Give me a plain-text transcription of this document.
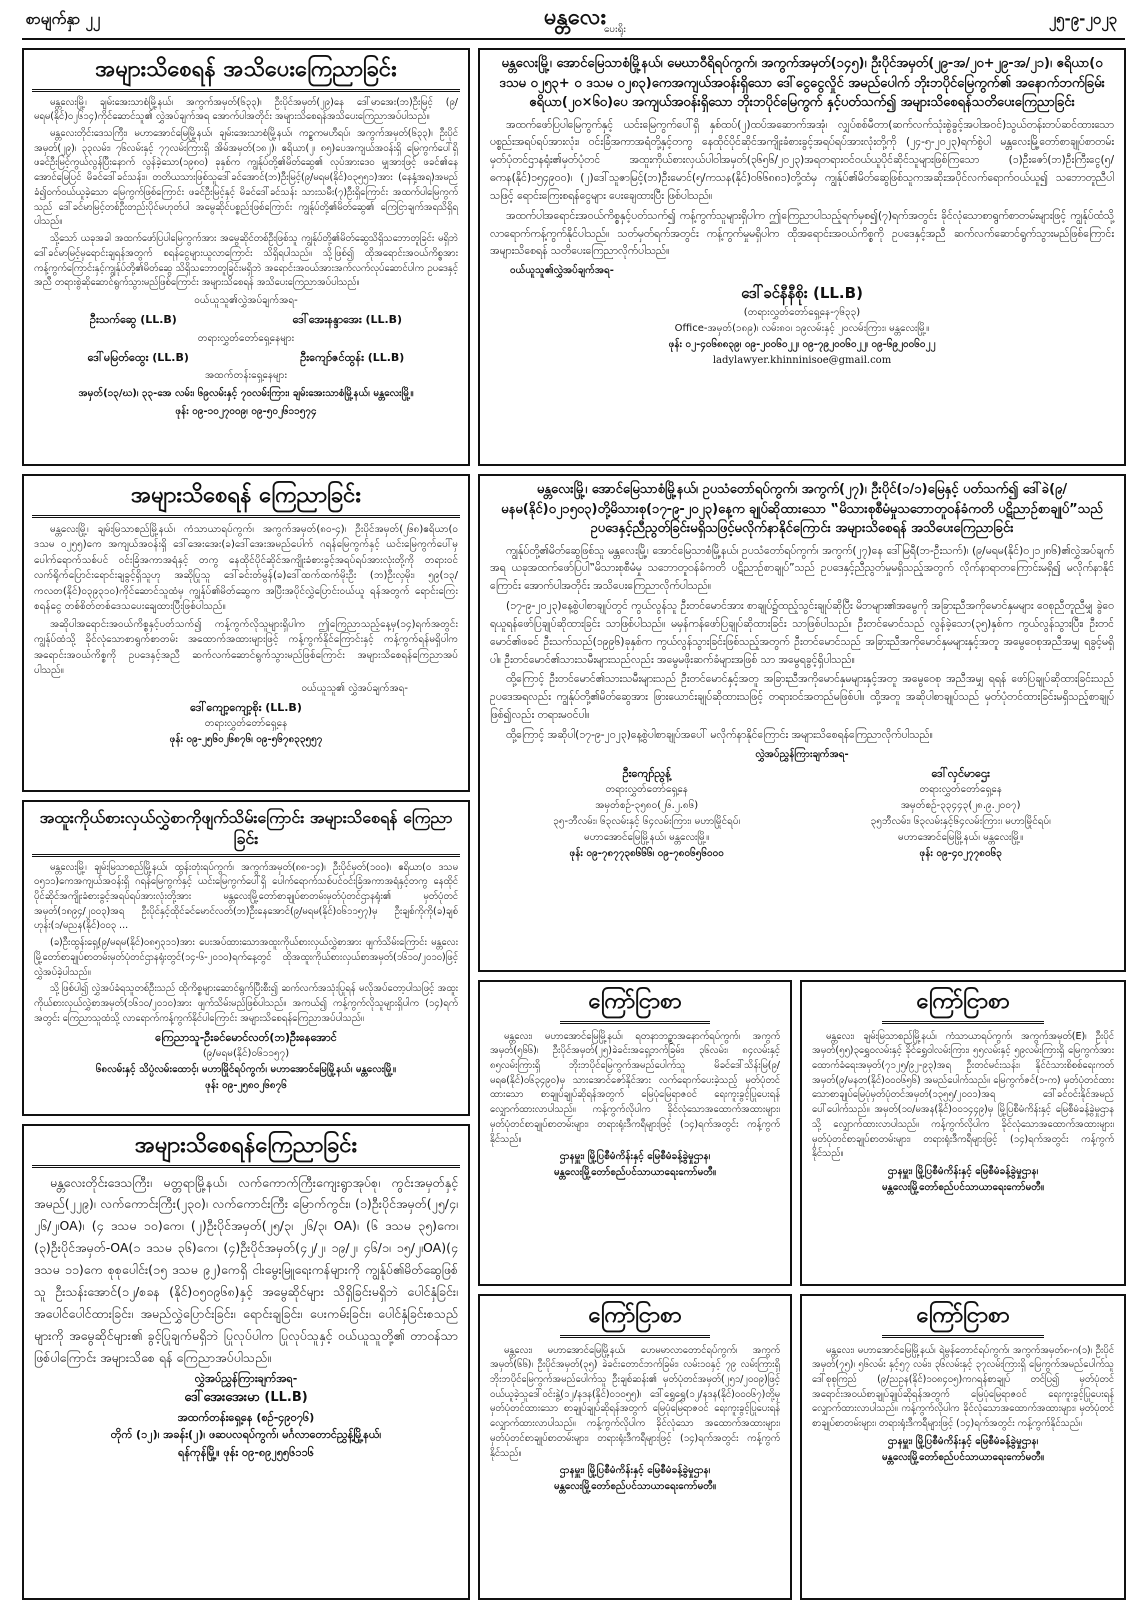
စာမျက်နှာ ၂၂	မန္တလေး
ပေးရိုး
၂၅-၉-၂၀၂၃
အများသိစေရန် အသိပေးကြေညာခြင်း

မန္တလေးမြို့၊ ချမ်းအေးသာစံမြို့နယ်၊ အကွက်အမှတ်(၆၃၃)၊ ဦးပိုင်အမှတ်(၂၉)နေ ဒေါ်မာအေး(ဘ)ဦးမြင့် (၉/မရမ(နိုင်)၀၂၆၁၄)ကိုင်ဆောင်သူ၏ လွှဲအပ်ချက်အရ အောက်ပါအတိုင်း အများသိစေရန်အသိပေးကြေညာအပ်ပါသည်။

မန္တလေးတိုင်းဒေသကြီး၊ မဟာအောင်မြေမြို့နယ်၊ ချမ်းအေးသာစံမြို့နယ်၊ ကဥ္စကမဟီရပ်၊ အကွက်အမှတ်(၆၃၃)၊ ဦးပိုင်အမှတ်(၂၉)၊ ၃၃လမ်း၊ ၇၆လမ်းနှင့် ၇၇လမ်းကြားရှိ အိမ်အမှတ်(၁၈၂)၊ ဧရိယာ(၂၊ ၈၅)ပေအကျယ်အဝန်းရှိ မြေကွက်ပေါ်ရှိ ဖခင်ဦးမြင့်ကွယ်လွန်ပြီးနောက် လွန်ခဲ့သော(၁၉၈၀) ခုနှစ်က ကျွန်ုပ်တို့၏မိတ်ဆွေ၏ လုပ်အားဒေဝ မျှအားဖြင့် ဖခင်၏နေအောင်မြေပြင် မိခင်ဒေါ်ခင်သန်း။ တတိယသားဖြစ်သူဒေါ်ခင်အောင်(ဘ)ဦးမြင့်(၉/မရမ(နိုင်)၀၃၅၅၁)အား (နေနှံ့အရ)အမည်ခံ၍ဝက်ဝယ်ယူခဲ့သော မြေကွက်ဖြစ်ကြောင်း ဖခင်ဦးမြင့်နှင့် မိခင်ဒေါ်ခင်သန်း သားသမီး(၇)ဦးရှိကြောင်း အထက်ပါမြေကွက်သည် ဒေါ်ခင်မာမြင့်တစ်ဦးတည်းပိုင်မဟုတ်ပါ အမွေဆိုင်ပစ္စည်းဖြစ်ကြောင်း ကျွန်ုပ်တို့၏မိတ်ဆွေ၏ ကြေငြာချက်အရသိရှိရပါသည်။

သို့သော် ယခုအခါ အထက်ဖော်ပြပါမြေကွက်အား အမွေဆိုင်တစ်ဦးဖြစ်သူ ကျွန်ုပ်တို့၏မိတ်ဆွေသိရှိသဘောတူခြင်း မရှိဘဲ ဒေါ်ခင်မာမြင့်မှရောင်းချရန်အတွက် စရန်ငွေများယူလာကြောင်း သိရှိရပါသည်။ သို့ဖြစ်၍ ထိုအရောင်းအဝယ်ကိစ္စအား ကန့်ကွက်ကြောင်းနှင့်ကျွန်ုပ်တို့၏မိတ်ဆွေ သိရှိသဘောတူခြင်းမရှိဘဲ အရောင်းအဝယ်အားအက်လက်လုပ်ဆောင်ပါက ဥပဒေနှင့်အညီ တရားစွဲဆိုဆောင်ရွက်သွားမည်ဖြစ်ကြောင်း အများသိစေရန် အသိပေးကြေညာအပ်ပါသည်။

ဝယ်ယူသူ၏လွှဲအပ်ချက်အရ-
ဦးသက်ဆွေ (LL.B)	ဒေါ်အေးနန္ဒာအေး (LL.B)
တရားလွှတ်တော်ရှေ့နေများ
ဒေါ်မမြတ်ထွေး (LL.B)	ဦးကျော်ဇင်ထွန်း (LL.B)
အထက်တန်းရှေ့နေများ
အမှတ်(၁၃/ဃ)၊ ၃၃-အေ လမ်း၊ ၆၉လမ်းနှင့် ၇၀လမ်းကြား၊ ချမ်းအေးသာစံမြို့နယ်၊ မန္တလေးမြို့။
ဖုန်း ၀၉-၁၀၂၇၀၀၉၊ ၀၉-၅၀၂၆၁၁၅၇၄
မန္တလေးမြို့၊ အောင်မြေသာစံမြို့နယ်၊ မေဃာဝီရိရပ်ကွက်၊ အကွက်အမှတ်(၁၄၅)၊ ဦးပိုင်အမှတ်(၂၉-အ/၂၀+၂၉-အ/၂၁)၊ ဧရိယာ(၀ ဒသမ ၀၂၅၃+ ၀ ဒသမ ၀၂၈၃)ကေအကျယ်အဝန်းရှိသော ဒေါ်ငွေငွေလှိုင် အမည်ပေါက် ဘိုးဘပိုင်မြေကွက်၏ အနောက်ဘက်ခြမ်းဧရိယာ(၂၀×၆၀)ပေ အကျယ်အဝန်းရှိသော ဘိုးဘပိုင်မြေကွက် နှင့်ပတ်သက်၍ အများသိစေရန်သတိပေးကြေညာခြင်း

အထက်ဖော်ပြပါမြေကွက်နှင့် ယင်းမြေကွက်ပေါ်ရှိ နှစ်ထပ်(၂)ထပ်အဆောက်အအုံ၊ လျှပ်စစ်မီတာ(ဆက်လက်သုံးစွဲခွင့်အပါအဝင်)သွယ်တန်းတပ်ဆင်ထားသောပစ္စည်းအရပ်ရပ်အားလုံး၊ ဝင်းခြံအကာအရံတို့နှင့်တကွ နေထိုင်ပိုင်ဆိုင်အကျိုးခံစားခွင့်အရပ်ရပ်အားလုံးတို့ကို (၂၄-၅-၂၀၂၃)ရက်စွဲပါ မန္တလေးမြို့တော်စာချုပ်စာတမ်း မှတ်ပုံတင်ဌာနရုံး၏မှတ်ပုံတင် အထူးကိုယ်စားလှယ်ပါဝါအမှတ်(၃၆၅၆/၂၀၂၃)အရတရားဝင်ဝယ်ယူပိုင်ဆိုင်သူများဖြစ်ကြသော (၁)ဦးဇော်(ဘ)ဦးကြီးငွေ(၅/ဓကန(နိုင်)၁၅၄၉၀၀)၊ (၂)ဒေါ်သူဇာမြင့်(ဘ)ဦးမောင်(၅/ကသန(နိုင်)၀၆၆၈၈၁)တို့ထံမှ ကျွန်ုပ်၏မိတ်ဆွေဖြစ်သူကအဆိုးအပိုင်လက်ရောက်ဝယ်ယူ၍ သဘောတူညီပါသဖြင့် ရောင်းကြေးစရန်ငွေများ ပေးချေထားပြီး ဖြစ်ပါသည်။

အထက်ပါအရောင်းအဝယ်ကိစ္စနှင့်ပတ်သက်၍ ကန့်ကွက်သူများရှိပါက ဤကြေညာပါသည့်ရက်မှစ၍(၇)ရက်အတွင်း ခိုင်လုံသောစာရွက်စာတမ်းများဖြင့် ကျွန်ုပ်ထံသို့လာရောက်ကန့်ကွက်နိုင်ပါသည်။ သတ်မှတ်ရက်အတွင်း ကန့်ကွက်မှုမရှိပါက ထိုအရောင်းအဝယ်ကိစ္စကို ဥပဒေနှင့်အညီ ဆက်လက်ဆောင်ရွက်သွားမည်ဖြစ်ကြောင်း အများသိစေရန် သတိပေးကြေညာလိုက်ပါသည်။

ဝယ်ယူသူ၏လွှဲအပ်ချက်အရ-
ဒေါ်ခင်နီနီစိုး (LL.B)
(တရားလွှတ်တော်ရှေ့နေ-၇၆၃၃)
Office-အမှတ်(၁၈၉)၊ လမ်း၈၀၊ ၁၉လမ်းနှင့် ၂၀လမ်းကြား၊ မန္တလေးမြို့။
ဖုန်း ၀၂-၄၀၆၈၈၃၉၊ ၀၉-၂၀၀၆၀၂၂၊ ၀၉-၇၉၂၀၀၆၀၂၂၊ ၀၉-၆၉၂၀၀၆၀၂၂
ladylawyer.khinninisoe@gmail.com
အများသိစေရန် ကြေညာခြင်း

မန္တလေးမြို့၊ ချမ်းမြသာစည်မြို့နယ်၊ ကံသာယာရပ်ကွက်၊ အကွက်အမှတ်(၈၀-၄)၊ ဦးပိုင်အမှတ်(၂၆၈)ဧရိယာ(၀ ဒသမ ၀၂၅၅)ကေ အကျယ်အဝန်းရှိ ဒေါ်အေးအေး(ခ)ဒေါ်အေးအမည်ပေါက် ဂရန်မြေကွက်နှင့် ယင်းမြေကွက်ပေါ်မှ ပေါက်ရောက်သစ်ပင် ဝင်းခြံအကာအရံနှင့် တကွ နေထိုင်ပိုင်ဆိုင်အကျိုးခံစားခွင့်အရပ်ရပ်အားလုံးတို့ကို တရားဝင်လက်ရိုက်ပြောင်းရောင်းချခွင့်ရှိသူဟု အဆိုပြုသူ ဒေါ်ခင်းတ်မွန်(ခ)ဒေါ်ထက်ထက်မိုးဦး (ဘ)ဦးလှမိုး၊ ၅၉(၁၃/ကလတ(နိုင်)၀၃၉၃၁၀)ကိုင်ဆောင်သူထံမှ ကျွန်ုပ်၏မိတ်ဆွေက အပြီးအပိုင်လွှဲပြောင်းဝယ်ယူ ရန်အတွက် ရောင်းကြေးစရန်ငွေ တစ်စိတ်တစ်ဒေသပေးချေထားပြီးဖြစ်ပါသည်။

အဆိုပါအရောင်းအဝယ်ကိစ္စနှင့်ပတ်သက်၍ ကန့်ကွက်လိုသူများရှိပါက ဤကြေညာသည့်နေ့မှ(၁၄)ရက်အတွင်း ကျွန်ုပ်ထံသို့ ခိုင်လုံသောစာရွက်စာတမ်း အထောက်အထားများဖြင့် ကန့်ကွက်နိုင်ကြောင်းနှင့် ကန့်ကွက်ရန်မရှိပါက အရောင်းအဝယ်ကိစ္စကို ဥပဒေနှင့်အညီ ဆက်လက်ဆောင်ရွက်သွားမည်ဖြစ်ကြောင်း အများသိစေရန်ကြေညာအပ်ပါသည်။

ဝယ်ယူသူ၏ လွှဲအပ်ချက်အရ-
ဒေါ်ကျော့ကျော့စိုး (LL.B)
တရားလွှတ်တော်ရှေ့နေ
ဖုန်း ၀၉-၂၅၆၀၂၆၈၇၆၊ ၀၉-၅၆၇၈၃၃၅၅၇
မန္တလေးမြို့၊ အောင်မြေသာစံမြို့နယ်၊ ဥပသံတော်ရပ်ကွက်၊ အကွက်(၂၇)၊ ဦးပိုင်(၁/၁)မြေနှင့် ပတ်သက်၍ ဒေါ်ခဲ(၉/မနမ(နိုင်)၀၂၁၅၀၃)တို့မိသားစု(၁၇-၉-၂၀၂၃)နေ့က ချုပ်ဆိုထားသော ‟မိသားစုစီမံမှုသဘောတူဝန်ခံကတိ ပဋိညာဉ်စာချုပ်”သည် ဥပဒေနှင့်ညီညွတ်ခြင်းမရှိသဖြင့်မလိုက်နာနိုင်ကြောင်း အများသိစေရန် အသိပေးကြေညာခြင်း

ကျွန်ုပ်တို့၏မိတ်ဆွေဖြစ်သူ မန္တလေးမြို့၊ အောင်မြေသာစံမြို့နယ်၊ ဥပသံတော်ရပ်ကွက်၊ အကွက်(၂၇)နေ ဒေါ်မြရီ(ဘ-ဦးသက်)၊ (၉/မရမ(နိုင်)၀၂၁၂၈၆)၏လွှဲအပ်ချက်အရ ယခုအထက်ဖော်ပြပါ‟မိသားစုစီမံမှု သဘောတူဝန်ခံကတိ ပဋိညာဉ်စာချုပ်”သည် ဥပဒေနှင့်ညီညွတ်မှုမရှိသည့်အတွက် လိုက်နာရာတကြောင်းမရှိ၍ မလိုက်နာနိုင်ကြောင်း အောက်ပါအတိုင်း အသိပေးကြေညာလိုက်ပါသည်။

(၁၇-၉-၂၀၂၃)နေ့စွဲပါစာချုပ်တွင် ကွယ်လွန်သူ ဦးတင်မောင်အား စာချုပ်၌ထည့်သွင်းချုပ်ဆိုပြီး မိဘများ၏အမွေကို အခြားညီအကိုမောင်နှမများ ဝေစုညီတူညီမျှ ခွဲဝေရယူရန်ဖော်ပြချုပ်ဆိုထားခြင်း သာဖြစ်ပါသည်။ မမှန်ကန်ဖော်ပြချုပ်ဆိုထားခြင်း သာဖြစ်ပါသည်။ ဦးတင်မောင်သည် လွန်ခဲ့သော(၃၅)နှစ်က ကွယ်လွန်သွားပြီး၊ ဦးတင်မောင်၏ဖခင် ဦးသက်သည်(၁၉၉၆)ခုနှစ်က ကွယ်လွန်သွားခြင်းဖြစ်သည့်အတွက် ဦးတင်မောင်သည် အခြားညီအကိုမောင်နှမများနှင့်အတူ အမွေဝေစုအညီအမျှ ရခွင့်မရှိပါ။ ဦးတင်မောင်၏သားသမီးများသည်လည်း အမွေမဖိုးဆက်ခံများအဖြစ် သာ အမွေရခွင့်ရှိပါသည်။

ထို့ကြောင့် ဦးတင်မောင်၏သားသမီးများသည် ဦးတင်မောင်နှင့်အတူ အခြားညီအကိုမောင်နှမများနှင့်အတူ အမွေဝေစု အညီအမျှ ရရန် ဖော်ပြချုပ်ဆိုထားခြင်းသည် ဥပဒေအရလည်း ကျွန်ုပ်တို့၏မိတ်ဆွေအား ဖြားယောင်းချုပ်ဆိုထားသဖြင့် တရားဝင်အတည်မဖြစ်ပါ။ ထို့အတူ အဆိုပါစာချုပ်သည် မှတ်ပုံတင်ထားခြင်းမရှိသည့်စာချုပ်ဖြစ်၍လည်း တရားမဝင်ပါ။

ထို့ကြောင့် အဆိုပါ(၁၇-၉-၂၀၂၃)နေ့စွဲပါစာချုပ်အပေါ် မလိုက်နာနိုင်ကြောင်း အများသိစေရန်ကြေညာလိုက်ပါသည်။

လွှဲအပ်ညွှန်ကြားချက်အရ-
ဦးကျော်ညွန့်
တရားလွှတ်တော်ရှေ့နေ
အမှတ်စဉ်-၃၅၈၀(၂၆.၂.၈၆)
၃၅-ဘီလမ်း၊ ၆၃လမ်းနှင့် ၆၄လမ်းကြား၊ မဟာမြိုင်ရပ်၊
မဟာအောင်မြေမြို့နယ်၊ မန္တလေးမြို့။
ဖုန်း ၀၉-၇၈၇၇၃၈၆၆၆၊ ၀၉-၇၈၀၆၅၆၀၀၀
ဒေါ်လှင်မာဌေး
တရားလွှတ်တော်ရှေ့နေ
အမှတ်စဉ်-၃၃၄၄၃(၂၈.၉.၂၀၀၇)
၃၅ဘီလမ်း၊ ၆၃လမ်းနှင့်၆၄လမ်းကြား၊ မဟာမြိုင်ရပ်၊
မဟာအောင်မြေမြို့နယ်၊ မန္တလေးမြို့။
ဖုန်း ၀၉-၄၀၂၇၇၈၀၆၃
အထူးကိုယ်စားလှယ်လွှဲစာကိုဖျက်သိမ်းကြောင်း အများသိစေရန် ကြေညာခြင်း

မန္တလေးမြို့၊ ချမ်းမြသာစည်မြို့နယ်၊ ထွန်းတုံးရပ်ကွက်၊ အကွက်အမှတ်(၈၈-၁၄)၊ ဦးပိုင်မှတ်(၁၀၀)၊ ဧရိယာ(၀ ဒသမ ၀၅၁၁)ကေအကျယ်အဝန်းရှိ ဂရန်မြေကွက်နှင့် ယင်းမြေကွက်ပေါ်ရှိ ပေါက်ရောက်သစ်ပင်ဝင်းခြံအကာအရံနှင့်တကွ နေထိုင်ပိုင်ဆိုင်အကျိုးခံစားခွင့်အရပ်ရပ်အားလုံးတို့အား မန္တလေးမြို့တော်စာချုပ်စာတမ်းမှတ်ပုံတင်ဌာနရုံး၏ မှတ်ပုံတင်အမှတ်(၁၈၉၄/၂၀၀၃)အရ ဦးပိုင်နှင့်ထိုင်ခင်မောင်လတ်(ဘ)ဦးနေအောင်(၉/မရမ(နိုင်)၀၆၁၁၅၇)မှ ဦးချစ်ကိုကို(ခ)ချစ်ဟုန်း(၁/မညန(နိုင်)၀၀၃ ...

(ခ)ဦးထွန်းရှေ့(၉/မရမ(နိုင်)၀၈၅၃၁၁)အား ပေးအပ်ထားသောအထူးကိုယ်စားလှယ်လွှဲစာအား ဖျက်သိမ်းကြောင်း မန္တလေးမြို့တော်စာချုပ်စာတမ်းမှတ်ပုံတင်ဌာနရုံးတွင်(၁၄-၆-၂၀၁၀)ရက်နေ့တွင် ထိုအထူးကိုယ်စားလှယ်စာအမှတ်(၁၆၁၀/၂၀၁၀)ဖြင့်လွှဲအပ်ခဲ့ပါသည်။

သို့ဖြစ်ပါ၍ လွှဲအပ်ခံရသူတစ်ဦးသည် ထိုကိစ္စများဆောင်ရွက်ပြီးစီး၍ ဆက်လက်အသုံးပြုရန် မလိုအပ်တော့ပါသဖြင့် အထူးကိုယ်စားလှယ်လွှဲစာအမှတ်(၁၆၁၀/၂၀၁၀)အား ဖျက်သိမ်းမည်ဖြစ်ပါသည်။ အကယ်၍ ကန့်ကွက်လိုသူများရှိပါက (၁၄)ရက်အတွင်း ကြေညာသူထံသို့ လာရောက်ကန့်ကွက်နိုင်ပါကြောင်း အများသိစေရန်ကြေညာအပ်ပါသည်။

ကြေညာသူ-ဦးခင်မောင်လတ်(ဘ)ဦးနေအောင်
(၉/မရမ(နိုင်)၀၆၁၁၅၇)
၆၈လမ်းနှင့် သိပ္ပံလမ်းထောင့်၊ မဟာမြိုင်ရပ်ကွက်၊ မဟာအောင်မြေမြို့နယ်၊ မန္တလေးမြို့။
ဖုန်း ၀၉-၂၅၈၀၂၆၈၇၆
အများသိစေရန်ကြေညာခြင်း

မန္တလေးတိုင်းဒေသကြီး၊ မတ္တရာမြို့နယ်၊ လက်ကောက်ကြီးကျေးရွာအုပ်စု၊ ကွင်းအမှတ်နှင့် အမည်(၂၂၉)၊ လက်ကောင်းကြီး(၂၃၀)၊ လက်ကောင်းကြီး မြောက်ကွင်း၊ (၁)ဦးပိုင်အမှတ်(၂၅/၄၊ ၂၆/၂၊OA)၊ (၄ ဒသမ ၁၀)ကေ၊ (၂)ဦးပိုင်အမှတ်(၂၅/၃၊ ၂၆/၃၊ OA)၊ (၆ ဒသမ ၃၅)ကေ၊ (၃)ဦးပိုင်အမှတ်-OA(၁ ဒသမ ၃၆)ကေ၊ (၄)ဦးပိုင်အမှတ်(၄၂/၂၊ ၁၉/၂၊ ၄၆/၁၊ ၁၅/၂၊OA)(၄ ဒသမ ၁၁)ကေ စုစုပေါင်း(၁၅ ဒသမ ၉၂)ကေရှိ ငါးမွေးမြူရေးကန်များကို ကျွန်ုပ်၏မိတ်ဆွေဖြစ်သူ ဦးသန်းအောင်(၁၂/စခန (နိုင်)၀၅၀၉၆၈)နှင့် အမွေဆိုင်များ သိရှိခြင်းမရှိဘဲ ပေါင်နှံခြင်း၊ အပေါင်ပေါင်ထားခြင်း၊ အမည်လွှဲပြောင်းခြင်း၊ ရောင်းချခြင်း၊ ပေးကမ်းခြင်း၊ ပေါင်နှံခြင်းစသည်များကို အမွေဆိုင်များ၏ ခွင့်ပြုချက်မရှိဘဲ ပြုလုပ်ပါက ပြုလုပ်သူနှင့် ဝယ်ယူသူတို့၏ တာဝန်သာဖြစ်ပါကြောင်း အများသိစေ ရန် ကြေညာအပ်ပါသည်။

လွှဲအပ်ညွှန်ကြားချက်အရ-
ဒေါ်အေးအေးမာ (LL.B)
အထက်တန်းရှေ့နေ (စဉ်-၄၉၀၇၆)
တိုက် (၁၂)၊ အခန်း(၂)၊ ဖဆပလရပ်ကွက်၊ မင်္ဂလာတောင်ညွှန့်မြို့နယ်၊
ရန်ကုန်မြို့။ ဖုန်း ၀၉-၈၉၂၅၅၆၁၁၆
ကြော်ငြာစာ
မန္တလေး၊ မဟာအောင်မြေမြို့နယ်၊ ရတနာဘဥ္စာအနောက်ရပ်ကွက်၊ အကွက်အမှတ်(၅၆၆)၊ ဦးပိုင်အမှတ်(၂၅)ခဲခင်းအရှေ့ဘက်ခြမ်း၊ ၃၆လမ်း၊ ၈၄လမ်းနှင့် ၈၅လမ်းကြားရှိ ဘိုးဘပိုင်မြေကွက်အမည်ပေါက်သူ မိခင်ဒေါ်သိန်းမြ(၉/မရဓ(နိုင်)၀၆၃၄၉၀)မှ သားအောင်ဇော်နိုင်အား လက်ရောက်ပေးခဲ့သည့် မှတ်ပုံတင်ထားသော စာချုပ်ချုပ်ဆိုရန်အတွက် မြေပုံမြေရာဇဝင် ရေးကူးခွင့်ပြုပေးရန် လျှောက်ထားလာပါသည်။ ကန့်ကွက်လိုပါက ခိုင်လုံသောအထောက်အထားများ၊ မှတ်ပုံတင်စာချုပ်စာတမ်းများ၊ တရားရုံးဒီကရီများဖြင့် (၁၄)ရက်အတွင်း ကန့်ကွက်နိုင်သည်။
ဌာနမှူး၊ မြို့ပြစီမံကိန်းနှင့် မြေစီမံခန့်ခွဲမှုဌာန၊
မန္တလေးမြို့တော်စည်ပင်သာယာရေးကော်မတီ။
ကြော်ငြာစာ
မန္တလေး၊ ချမ်းမြသာစည်မြို့နယ်၊ ကံသာယာရပ်ကွက်၊ အကွက်အမှတ်(E)၊ ဦးပိုင်အမှတ်(၅၅)၃ရွှေ၀လမ်းနှင့် ခိုင်ရွှေဝါလမ်းကြား၊ ၅၅လမ်းနှင့် ၅၉လမ်းကြားရှိ မြေကွက်အား ထောက်ခံရေးအမှတ်(၇၁၂၅/၉၂-၉၃)အရ ဦးတင်မင်းသန်း၊ နိုင်ငံသားစိစစ်ရေးကတ်အမှတ်(၉/မနတ(နိုင်)၀၀၀၆၅၆) အမည်ပေါက်သည်။ မြေကွက်ဇင်(၁-က) မှတ်ပုံတင်ထားသောစာချုပ်မြေပုံမှတ်ပုံတင်အမှတ်(၁၃၅၅/၂၀၀၁)အရ ဒေါ်ခင်ဝင်းနိုင်အမည်ပေါ်ပေါက်သည်။ အမှတ်(၁၀/မအန(နိုင်)၀၀၁၄၄၉)မှ မြို့ပြစီမံကိန်းနှင့် မြေစီမံခန့်ခွဲမှုဌာန သို့ လျှောက်ထားလာပါသည်။ ကန့်ကွက်လိုပါက ခိုင်လုံသောအထောက်အထားများ၊ မှတ်ပုံတင်စာချုပ်စာတမ်းများ၊ တရားရုံးဒီကရီများဖြင့် (၁၄)ရက်အတွင်း ကန့်ကွက်နိုင်သည်။
ဌာနမှူး၊ မြို့ပြစီမံကိန်းနှင့် မြေစီမံခန့်ခွဲမှုဌာန၊
မန္တလေးမြို့တော်စည်ပင်သာယာရေးကော်မတီ။
ကြော်ငြာစာ
မန္တလေး၊ မဟာအောင်မြေမြို့နယ်၊ ဟေမမာလာတောင်ရပ်ကွက်၊ အကွက်အမှတ်(၆၆)၊ ဦးပိုင်အမှတ်(၃၅) ခဲခင်းတောင်ဘက်ခြမ်း၊ လမ်း၁၀နှင့် ၇၉ လမ်းကြားရှိ ဘိုးဘပိုင်မြေကွက်အမည်ပေါက်သူ ဦးချစ်ဆန်း၏ မှတ်ပုံတင်အမှတ်(၂၅၁/၂၀၀၉)ဖြင့်ဝယ်ယူခဲ့သူဒေါ်ဝင်းနွဲ့(၁၂/နဒန(နိုင်)၀၁၀၅၅)၊ ဒေါ်ရွှေရွှေ(၁၂/နဒန(နိုင်)၀၀၀၆၇)တို့မှ မှတ်ပုံတင်ထားသော စာချုပ်ချုပ်ဆိုရန်အတွက် မြေပုံမြေရာဇဝင် ရေးကူးခွင့်ပြုပေးရန် လျှောက်ထားလာပါသည်။ ကန့်ကွက်လိုပါက ခိုင်လုံသော အထောက်အထားများ၊ မှတ်ပုံတင်စာချုပ်စာတမ်းများ၊ တရားရုံးဒီကရီများဖြင့် (၁၄)ရက်အတွင်း ကန့်ကွက်နိုင်သည်။
ဌာနမှူး၊ မြို့ပြစီမံကိန်းနှင့် မြေစီမံခန့်ခွဲမှုဌာန၊
မန္တလေးမြို့တော်စည်ပင်သာယာရေးကော်မတီ။
ကြော်ငြာစာ
မန္တလေး၊ မဟာအောင်မြေမြို့နယ်၊ ရဲမွန်တောင်ရပ်ကွက်၊ အကွက်အမှတ်၈-ဂ(၁)၊ ဦးပိုင်အမှတ်(၇၅)၊ ၅၆လမ်း နှင့်၅၇ လမ်း၊ ၃၆လမ်းနှင့် ၃၇လမ်းကြားရှိ မြေကွက်အမည်ပေါက်သူဒေါ်စုစုကြည် (၉/ညဥန(နိုင်)၁၀၈၄၀၅)ကဂရန်စာချုပ် တင်ပြ၍ မှတ်ပုံတင်အရောင်းအဝယ်စာချုပ်ချုပ်ဆိုရန်အတွက် မြေပုံမြေရာဇဝင် ရေးကူးခွင့်ပြုပေးရန်လျှောက်ထားလာပါသည်။ ကန့်ကွက်လိုပါက ခိုင်လုံသောအထောက်အထားများ၊ မှတ်ပုံတင်စာချုပ်စာတမ်းများ၊ တရားရုံးဒီကရီများဖြင့် (၁၄)ရက်အတွင်း ကန့်ကွက်နိုင်သည်။
ဌာနမှူး၊ မြို့ပြစီမံကိန်းနှင့် မြေစီမံခန့်ခွဲမှုဌာန၊
မန္တလေးမြို့တော်စည်ပင်သာယာရေးကော်မတီ။
